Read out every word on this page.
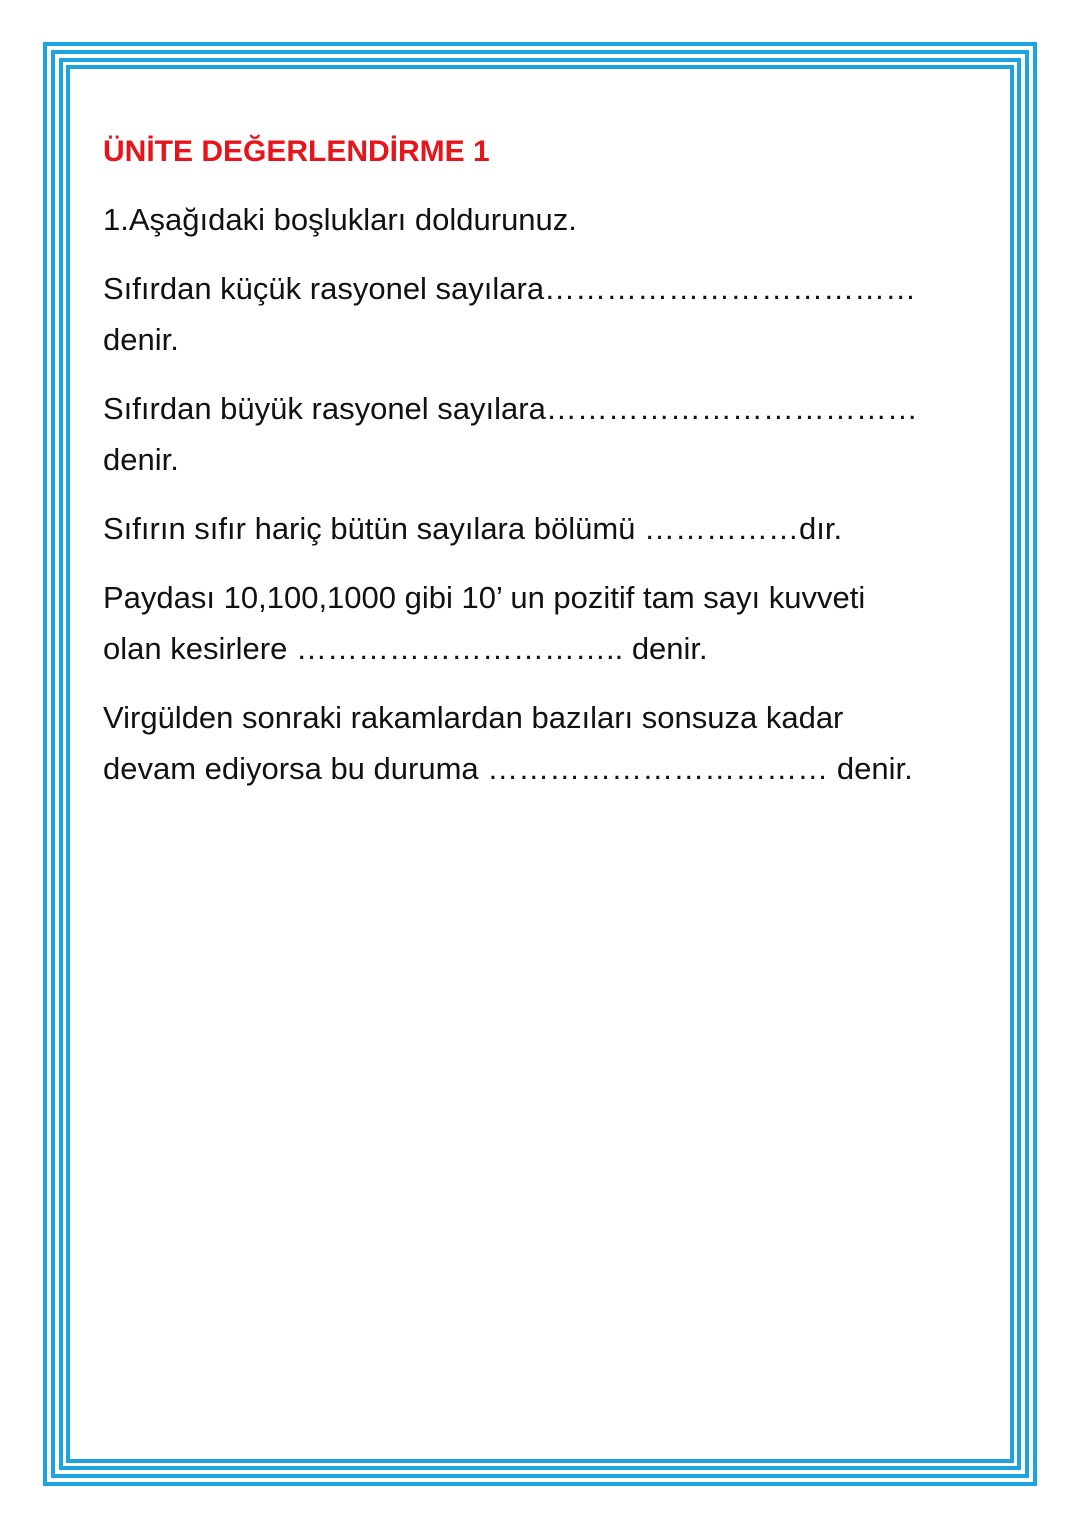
ÜNİTE DEĞERLENDİRME 1
1.Aşağıdaki boşlukları doldurunuz.
Sıfırdan küçük rasyonel sayılara………………………………
denir.
Sıfırdan büyük rasyonel sayılara………………………………
denir.
Sıfırın sıfır hariç bütün sayılara bölümü ……………dır.
Paydası 10,100,1000 gibi 10’ un pozitif tam sayı kuvveti
olan kesirlere ………………………….. denir.
Virgülden sonraki rakamlardan bazıları sonsuza kadar
devam ediyorsa bu duruma …………………………… denir.
